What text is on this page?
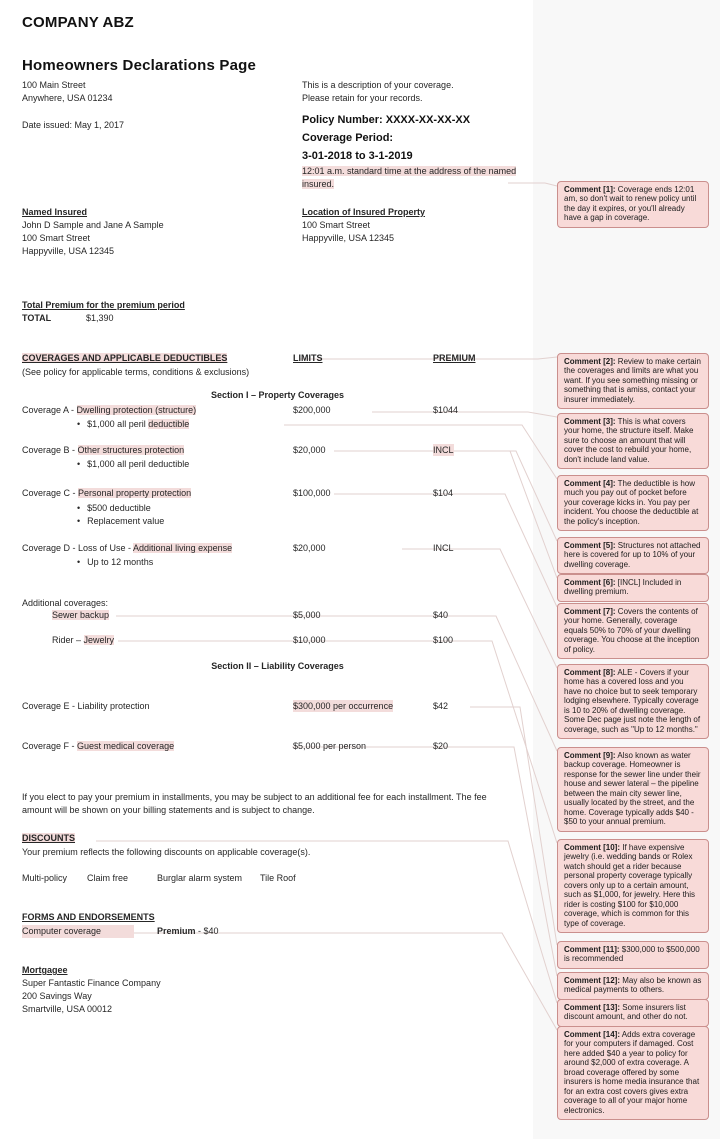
COMPANY ABZ
Homeowners Declarations Page
100 Main Street
Anywhere, USA 01234
Date issued: May 1, 2017
This is a description of your coverage.
Please retain for your records.
Policy Number: XXXX-XX-XX-XX
Coverage Period:
3-01-2018 to 3-1-2019
12:01 a.m. standard time at the address of the named insured.
Named Insured
John D Sample and Jane A Sample
100 Smart Street
Happyville, USA 12345
Location of Insured Property
100 Smart Street
Happyville, USA 12345
Total Premium for the premium period
TOTAL	$1,390
COVERAGES AND APPLICABLE DEDUCTIBLES	LIMITS	PREMIUM
(See policy for applicable terms, conditions & exclusions)
Section I – Property Coverages
Coverage A - Dwelling protection (structure)	$200,000	$1044
• $1,000 all peril deductible
Coverage B - Other structures protection	$20,000	INCL
• $1,000 all peril deductible
Coverage C - Personal property protection	$100,000	$104
• $500 deductible
• Replacement value
Coverage D - Loss of Use - Additional living expense	$20,000	INCL
• Up to 12 months
Additional coverages:
Sewer backup	$5,000	$40
Rider – Jewelry	$10,000	$100
Section II – Liability Coverages
Coverage E - Liability protection	$300,000 per occurrence	$42
Coverage F - Guest medical coverage	$5,000 per person	$20
If you elect to pay your premium in installments, you may be subject to an additional fee for each installment. The fee amount will be shown on your billing statements and is subject to change.
DISCOUNTS
Your premium reflects the following discounts on applicable coverage(s).
Multi-policy Claim free	Burglar alarm system Tile Roof
FORMS AND ENDORSEMENTS
Computer coverage	Premium - $40
Mortgagee
Super Fantastic Finance Company
200 Savings Way
Smartville, USA 00012
Comment [1]: Coverage ends 12:01 am, so don't wait to renew policy until the day it expires, or you'll already have a gap in coverage.
Comment [2]: Review to make certain the coverages and limits are what you want. If you see something missing or something that is amiss, contact your insurer immediately.
Comment [3]: This is what covers your home, the structure itself. Make sure to choose an amount that will cover the cost to rebuild your home, don't include land value.
Comment [4]: The deductible is how much you pay out of pocket before your coverage kicks in. You pay per incident. You choose the deductible at the policy's inception.
Comment [5]: Structures not attached here is covered for up to 10% of your dwelling coverage.
Comment [6]: [INCL] Included in dwelling premium.
Comment [7]: Covers the contents of your home. Generally, coverage equals 50% to 70% of your dwelling coverage. You choose at the inception of policy.
Comment [8]: ALE - Covers if your home has a covered loss and you have no choice but to seek temporary lodging elsewhere. Typically coverage is 10 to 20% of dwelling coverage. Some Dec page just note the length of coverage, such as "Up to 12 months."
Comment [9]: Also known as water backup coverage. Homeowner is response for the sewer line under their house and sewer lateral – the pipeline between the main city sewer line, usually located by the street, and the home. Coverage typically adds $40 - $50 to your annual premium.
Comment [10]: If have expensive jewelry (i.e. wedding bands or Rolex watch should get a rider because personal property coverage typically covers only up to a certain amount, such as $1,000, for jewelry. Here this rider is costing $100 for $10,000 coverage, which is common for this type of coverage.
Comment [11]: $300,000 to $500,000 is recommended
Comment [12]: May also be known as medical payments to others.
Comment [13]: Some insurers list discount amount, and other do not.
Comment [14]: Adds extra coverage for your computers if damaged. Cost here added $40 a year to policy for around $2,000 of extra coverage. A broad coverage offered by some insurers is home media insurance that for an extra cost covers gives extra coverage to all of your major home electronics.
